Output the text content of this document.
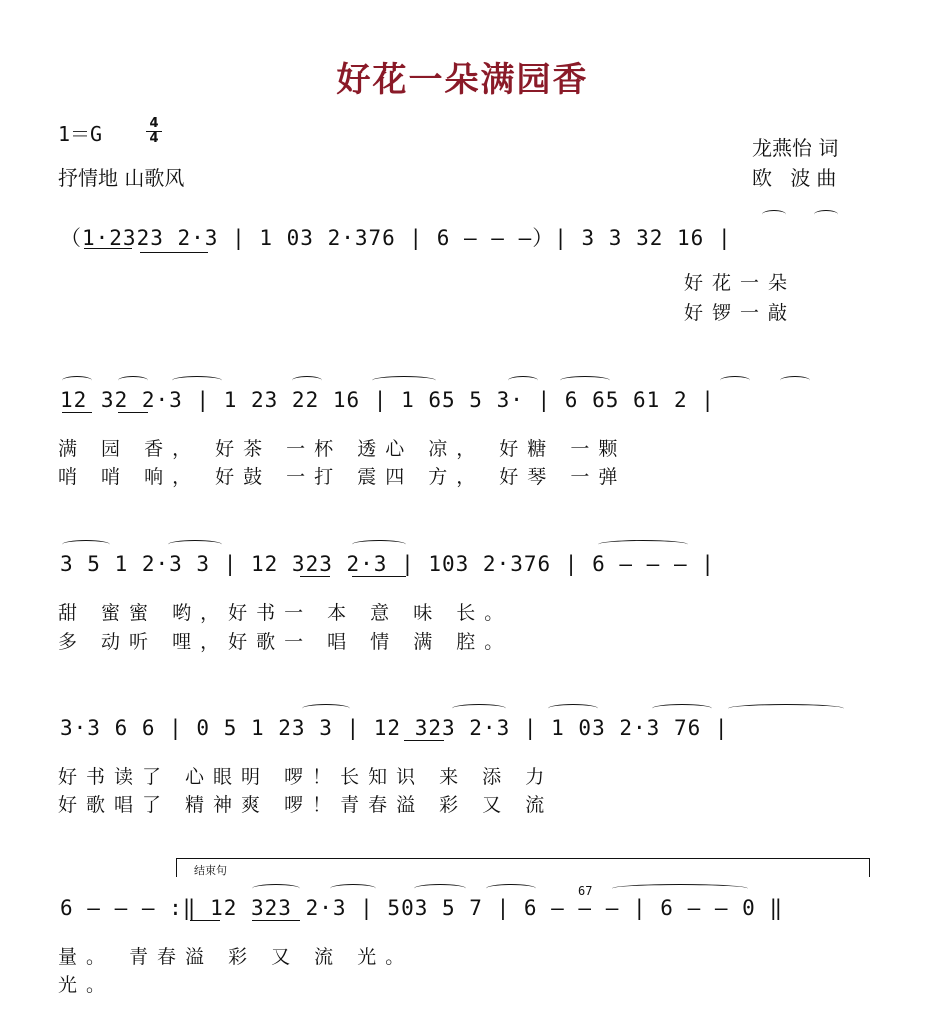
好花一朵满园香
1＝G	4
4
抒情地 山歌风
龙燕怡 词
欧 波曲
（1·2323 2·3 | 1 03 2·376 | 6 — — —）| 3 3 32 16 |
好花一朵
好锣一敲
12 32 2·3 | 1 23 22 16 | 1 65 5 3· | 6 65 61 2 |
满 园 香， 好茶 一杯 透心 凉， 好糖 一颗
哨 哨 响， 好鼓 一打 震四 方， 好琴 一弹
3 5 1 2·3 3 | 12 323 2·3 | 103 2·376 | 6 — — — |
甜 蜜蜜 哟，好书一 本 意 味 长。
多 动听 哩，好歌一 唱 情 满 腔。
3·3 6 6 | 0 5 1 23 3 | 12 323 2·3 | 1 03 2·3 76 |
好书读了 心眼明 啰！长知识 来 添 力
好歌唱了 精神爽 啰！青春溢 彩 又 流
结束句
67
6 — — — :‖ 12 323 2·3 | 503 5 7 | 6 — — — | 6 — — 0 ‖
量。 青春溢 彩 又 流 光。
光。
